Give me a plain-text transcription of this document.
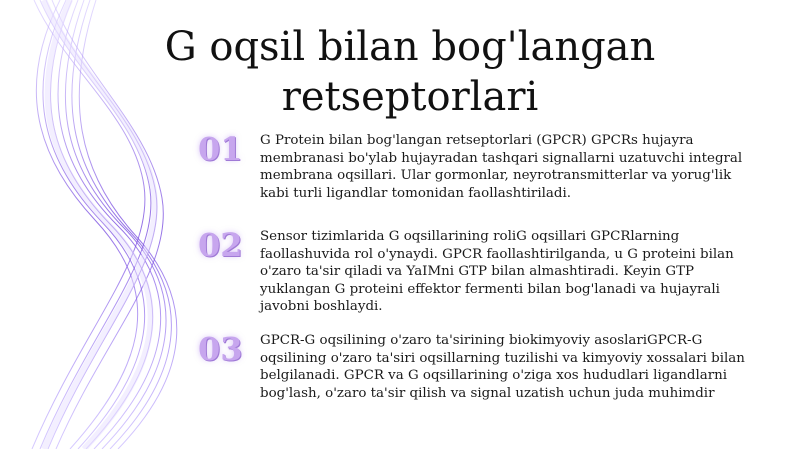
G oqsil bilan bog'langan retseptorlari
01	G Protein bilan bog'langan retseptorlari (GPCR) GPCRs hujayra membranasi bo'ylab hujayradan tashqari signallarni uzatuvchi integral membrana oqsillari. Ular gormonlar, neyrotransmitterlar va yorug'lik kabi turli ligandlar tomonidan faollashtiriladi.
02	Sensor tizimlarida G oqsillarining roliG oqsillari GPCRlarning faollashuvida rol o'ynaydi. GPCR faollashtirilganda, u G proteini bilan o'zaro ta'sir qiladi va YaIMni GTP bilan almashtiradi. Keyin GTP yuklangan G proteini effektor fermenti bilan bog'lanadi va hujayrali javobni boshlaydi.
03	GPCR-G oqsilining o'zaro ta'sirining biokimyoviy asoslariGPCR-G oqsilining o'zaro ta'siri oqsillarning tuzilishi va kimyoviy xossalari bilan belgilanadi. GPCR va G oqsillarining o'ziga xos hududlari ligandlarni bog'lash, o'zaro ta'sir qilish va signal uzatish uchun juda muhimdir
